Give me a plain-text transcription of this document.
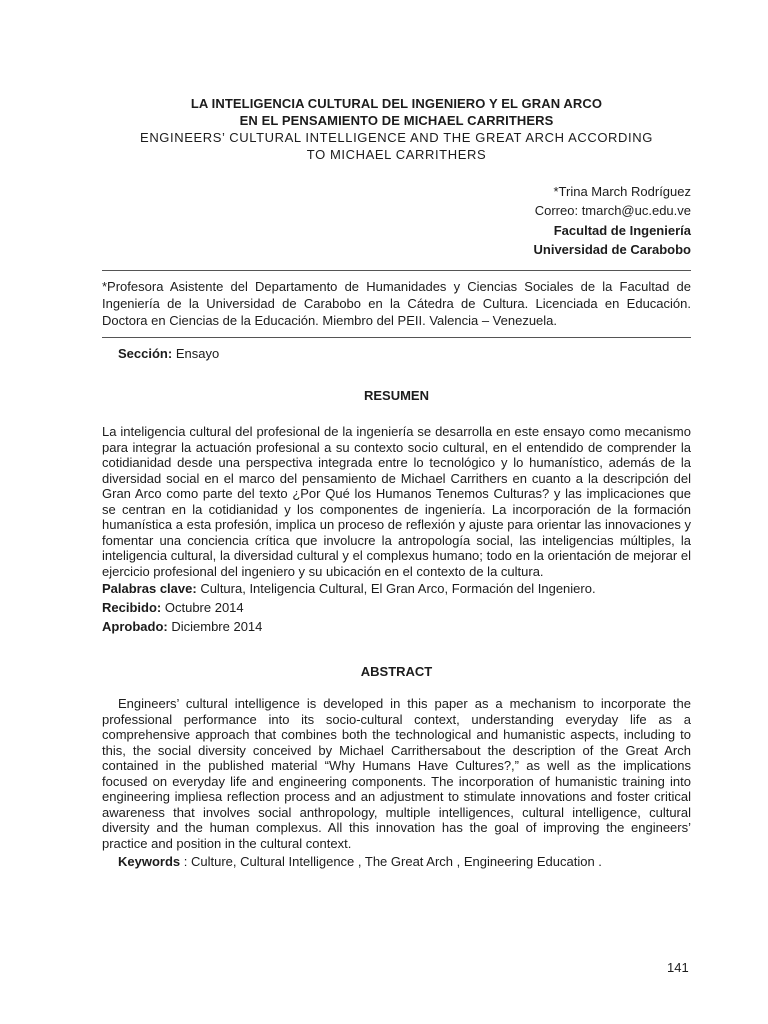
LA INTELIGENCIA CULTURAL DEL INGENIERO Y EL GRAN ARCO
EN EL PENSAMIENTO DE MICHAEL CARRITHERS
ENGINEERS’ CULTURAL INTELLIGENCE AND THE GREAT ARCH ACCORDING
TO MICHAEL CARRITHERS
*Trina March Rodríguez
Correo: tmarch@uc.edu.ve
Facultad de Ingeniería
Universidad de Carabobo

*Profesora Asistente del Departamento de Humanidades y Ciencias Sociales de la Facultad de Ingeniería de la Universidad de Carabobo en la Cátedra de Cultura. Licenciada en Educación. Doctora en Ciencias de la Educación. Miembro del PEII. Valencia – Venezuela.

Sección: Ensayo
RESUMEN

La inteligencia cultural del profesional de la ingeniería se desarrolla en este ensayo como mecanismo para integrar la actuación profesional a su contexto socio cultural, en el entendido de comprender la cotidianidad desde una perspectiva integrada entre lo tecnológico y lo humanístico, además de la diversidad social en el marco del pensamiento de Michael Carrithers en cuanto a la descripción del Gran Arco como parte del texto ¿Por Qué los Humanos Tenemos Culturas? y las implicaciones que se centran en la cotidianidad y los componentes de ingeniería. La incorporación de la formación humanística a esta profesión, implica un proceso de reflexión y ajuste para orientar las innovaciones y fomentar una conciencia crítica que involucre la antropología social, las inteligencias múltiples, la inteligencia cultural, la diversidad cultural y el complexus humano; todo en la orientación de mejorar el ejercicio profesional del ingeniero y su ubicación en el contexto de la cultura.

Palabras clave: Cultura, Inteligencia Cultural, El Gran Arco, Formación del Ingeniero.
Recibido: Octubre 2014
Aprobado: Diciembre 2014
ABSTRACT

Engineers’ cultural intelligence is developed in this paper as a mechanism to incorporate the professional performance into its socio-cultural context, understanding everyday life as a comprehensive approach that combines both the technological and humanistic aspects, including to this, the social diversity conceived by Michael Carrithersabout the description of the Great Arch contained in the published material “Why Humans Have Cultures?,” as well as the implications focused on everyday life and engineering components. The incorporation of humanistic training into engineering impliesa reflection process and an adjustment to stimulate innovations and foster critical awareness that involves social anthropology, multiple intelligences, cultural intelligence, cultural diversity and the human complexus. All this innovation has the goal of improving the engineers’ practice and position in the cultural context.

Keywords : Culture, Cultural Intelligence , The Great Arch , Engineering Education .
141
